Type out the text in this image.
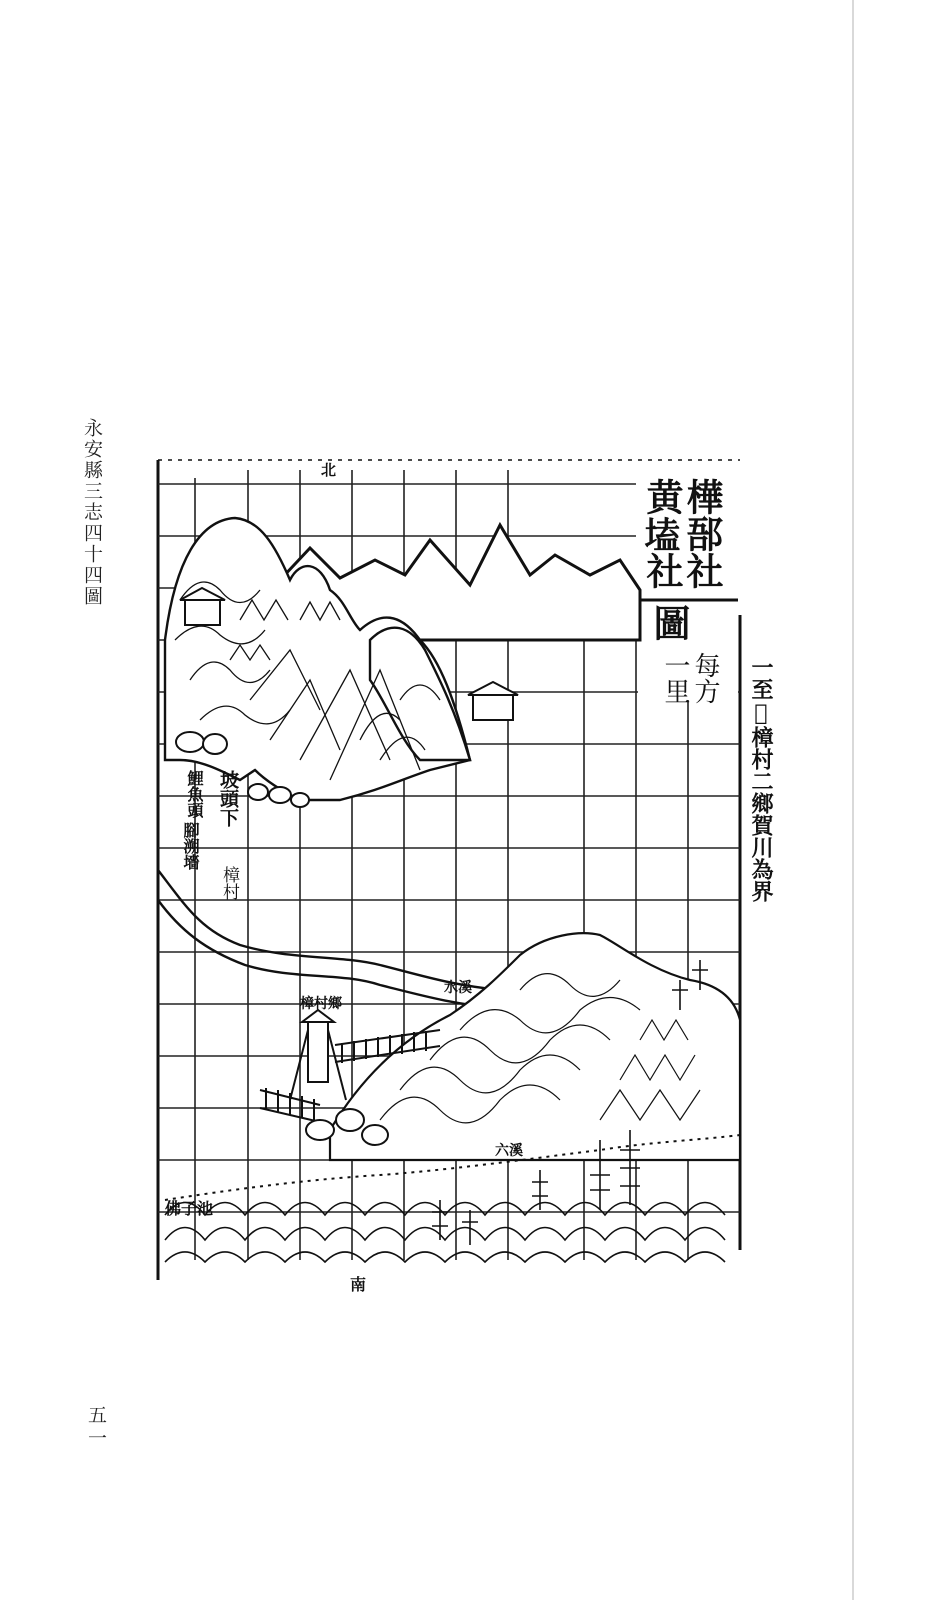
永安縣三志四十四圖
五一
樺郚社
黄𡏖社
圖
每方
一里	一至𨤼樟村二鄉賀川為界
北
坡頭下
鯉魚頭
腳溯墻
樟村
水溪
樟村鄉
六溪
佛子池
南
